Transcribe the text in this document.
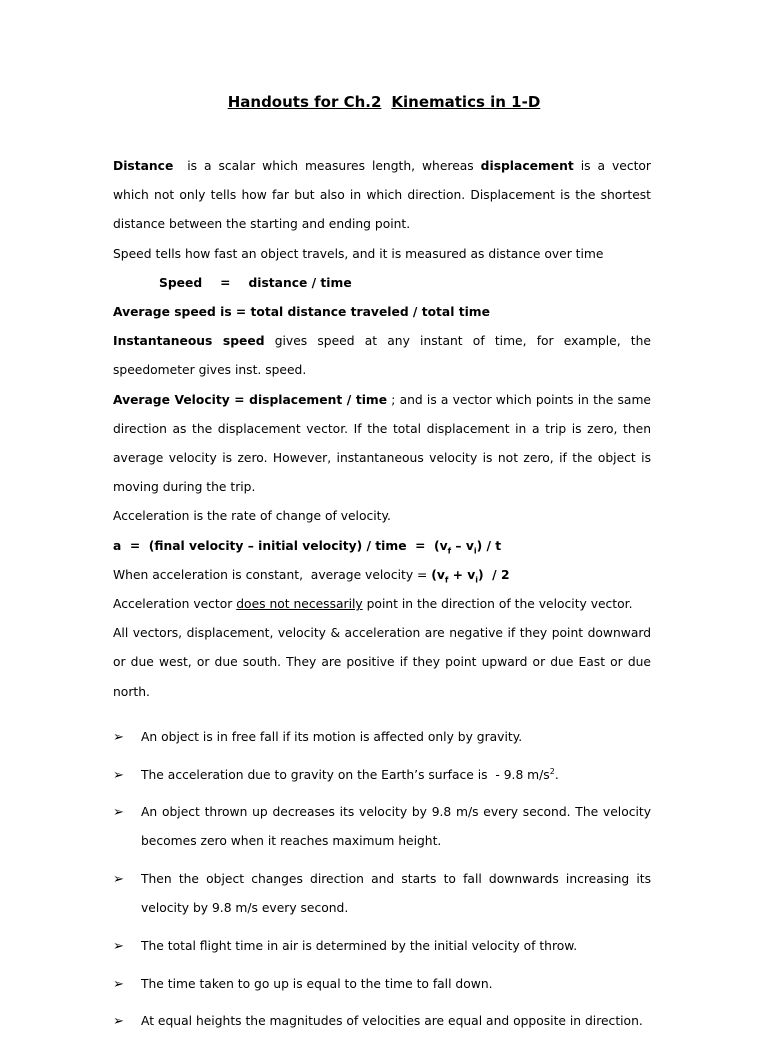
Handouts for Ch.2 Kinematics in 1-D

Distance  is a scalar which measures length, whereas displacement is a vector which not only tells how far but also in which direction. Displacement is the shortest distance between the starting and ending point.

Speed tells how fast an object travels, and it is measured as distance over time

Speed = distance / time

Average speed is = total distance traveled / total time

Instantaneous speed gives speed at any instant of time, for example, the speedometer gives inst. speed.

Average Velocity = displacement / time ; and is a vector which points in the same direction as the displacement vector. If the total displacement in a trip is zero, then average velocity is zero. However, instantaneous velocity is not zero, if the object is moving during the trip.

Acceleration is the rate of change of velocity.

a  =  (final velocity – initial velocity) / time  =  $(v_f - v_i)$ / t

When acceleration is constant,  average velocity = $(v_f + v_i) / 2$

Acceleration vector does not necessarily point in the direction of the velocity vector.

All vectors, displacement, velocity & acceleration are negative if they point downward or due west, or due south. They are positive if they point upward or due East or due north.

➢ An object is in free fall if its motion is affected only by gravity.
➢ The acceleration due to gravity on the Earth’s surface is  - 9.8 $m/s^2$.
➢ An object thrown up decreases its velocity by 9.8 m/s every second. The velocity becomes zero when it reaches maximum height.
➢ Then the object changes direction and starts to fall downwards increasing its velocity by 9.8 m/s every second.
➢ The total flight time in air is determined by the initial velocity of throw.
➢ The time taken to go up is equal to the time to fall down.
➢ At equal heights the magnitudes of velocities are equal and opposite in direction.
